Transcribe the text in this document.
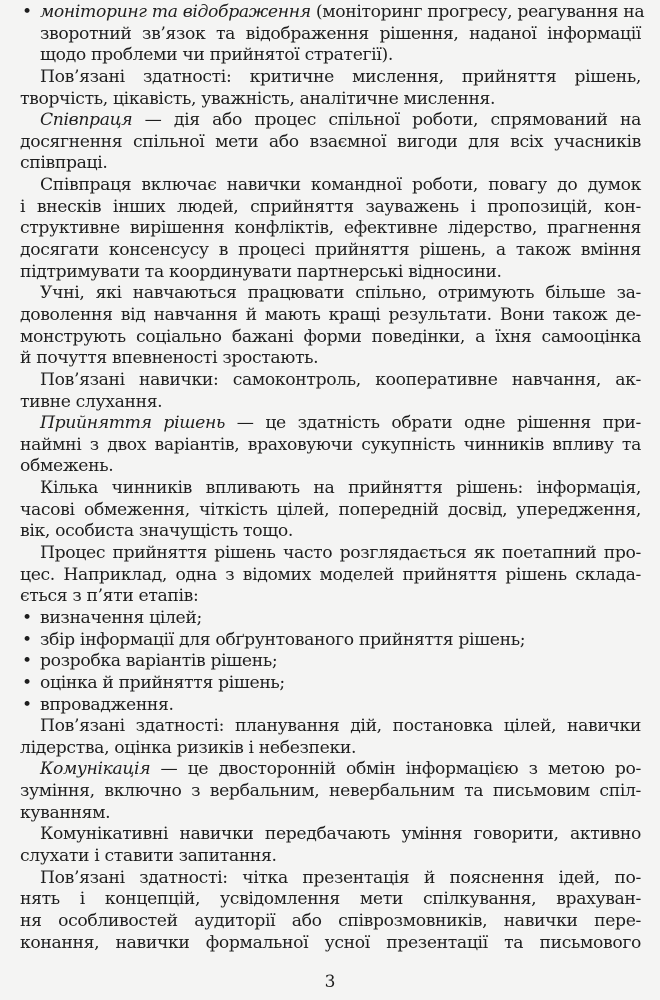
• моніторинг та відображення (моніторинг прогресу, реагування на
зворотний зв’язок та відображення рішення, наданої інформації
щодо проблеми чи прийнятої стратегії).
Пов’язані здатності: критичне мислення, прийняття рішень,
творчість, цікавість, уважність, аналітичне мислення.
Співпраця — дія або процес спільної роботи, спрямований на
досягнення спільної мети або взаємної вигоди для всіх учасників
співпраці.
Співпраця включає навички командної роботи, повагу до думок
і внесків інших людей, сприйняття зауважень і пропозицій, кон-
структивне вирішення конфліктів, ефективне лідерство, прагнення
досягати консенсусу в процесі прийняття рішень, а також вміння
підтримувати та координувати партнерські відносини.
Учні, які навчаються працювати спільно, отримують більше за-
доволення від навчання й мають кращі результати. Вони також де-
монструють соціально бажані форми поведінки, а їхня самооцінка
й почуття впевненості зростають.
Пов’язані навички: самоконтроль, кооперативне навчання, ак-
тивне слухання.
Прийняття рішень — це здатність обрати одне рішення при-
наймні з двох варіантів, враховуючи сукупність чинників впливу та
обмежень.
Кілька чинників впливають на прийняття рішень: інформація,
часові обмеження, чіткість цілей, попередній досвід, упередження,
вік, особиста значущість тощо.
Процес прийняття рішень часто розглядається як поетапний про-
цес. Наприклад, одна з відомих моделей прийняття рішень склада-
ється з п’яти етапів:
• визначення цілей;
• збір інформації для обґрунтованого прийняття рішень;
• розробка варіантів рішень;
• оцінка й прийняття рішень;
• впровадження.
Пов’язані здатності: планування дій, постановка цілей, навички
лідерства, оцінка ризиків і небезпеки.
Комунікація — це двосторонній обмін інформацією з метою ро-
зуміння, включно з вербальним, невербальним та письмовим спіл-
куванням.
Комунікативні навички передбачають уміння говорити, активно
слухати і ставити запитання.
Пов’язані здатності: чітка презентація й пояснення ідей, по-
нять і концепцій, усвідомлення мети спілкування, врахуван-
ня особливостей аудиторії або співрозмовників, навички пере-
конання, навички формальної усної презентації та письмового
3
